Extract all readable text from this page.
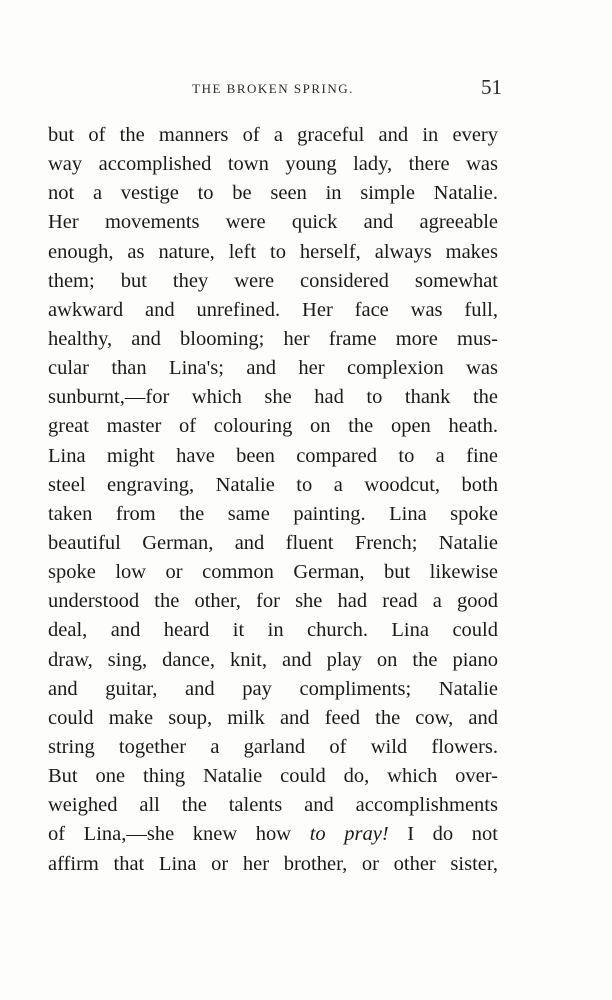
THE BROKEN SPRING.	51
but of the manners of a graceful and in every
way accomplished town young lady, there was
not a vestige to be seen in simple Natalie.
Her movements were quick and agreeable
enough, as nature, left to herself, always makes
them; but they were considered somewhat
awkward and unrefined. Her face was full,
healthy, and blooming; her frame more mus-
cular than Lina's; and her complexion was
sunburnt,—for which she had to thank the
great master of colouring on the open heath.
Lina might have been compared to a fine
steel engraving, Natalie to a woodcut, both
taken from the same painting. Lina spoke
beautiful German, and fluent French; Natalie
spoke low or common German, but likewise
understood the other, for she had read a good
deal, and heard it in church. Lina could
draw, sing, dance, knit, and play on the piano
and guitar, and pay compliments; Natalie
could make soup, milk and feed the cow, and
string together a garland of wild flowers.
But one thing Natalie could do, which over-
weighed all the talents and accomplishments
of Lina,—she knew how to pray! I do not
affirm that Lina or her brother, or other sister,
